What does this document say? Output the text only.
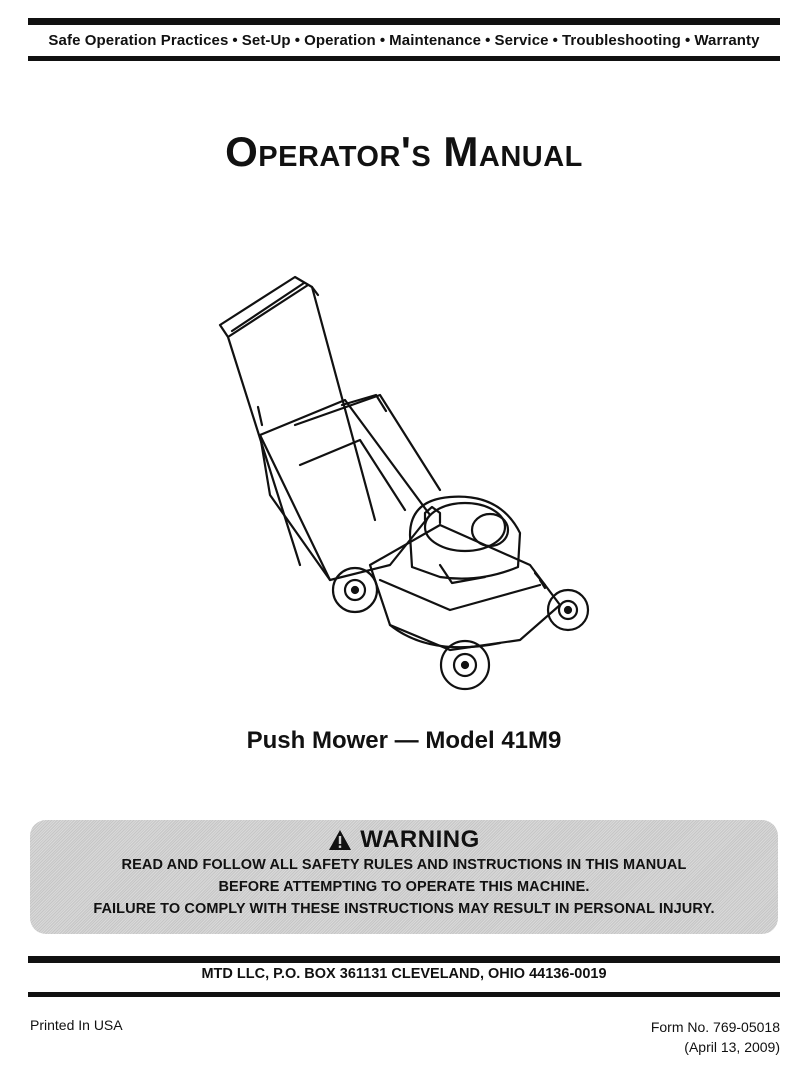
Safe Operation Practices • Set-Up • Operation • Maintenance • Service • Troubleshooting • Warranty
Operator's Manual
Push Mower — Model 41M9
WARNING
READ AND FOLLOW ALL SAFETY RULES AND INSTRUCTIONS IN THIS MANUAL
BEFORE ATTEMPTING TO OPERATE THIS MACHINE.
FAILURE TO COMPLY WITH THESE INSTRUCTIONS MAY RESULT IN PERSONAL INJURY.
MTD LLC, P.O. BOX 361131 CLEVELAND, OHIO 44136-0019
Printed In USA	Form No. 769-05018
(April 13, 2009)
